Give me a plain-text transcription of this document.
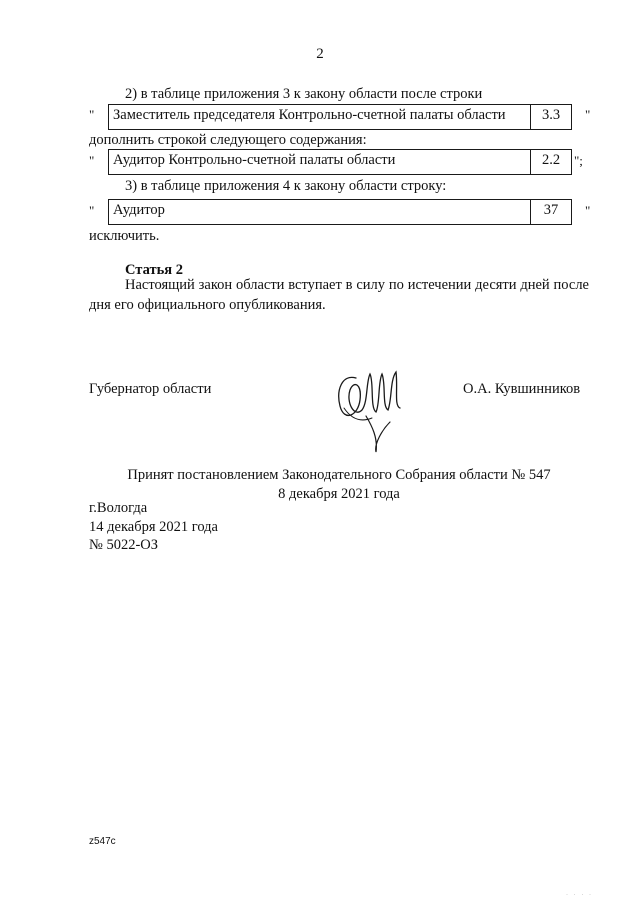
2
2) в таблице приложения 3 к закону области после строки
" Заместитель председателя Контрольно-счетной палаты области	3.3	"
дополнить строкой следующего содержания:
" Аудитор Контрольно-счетной палаты области	2.2	";
3) в таблице приложения 4 к закону области строку:
" Аудитор	37	"
исключить.
Статья 2
Настоящий закон области вступает в силу по истечении десяти дней после дня его официального опубликования.
Губернатор области	О.А. Кувшинников
Принят постановлением Законодательного Собрания области № 547
8 декабря 2021 года
г.Вологда
14 декабря 2021 года
№ 5022-ОЗ
z547c
· · · ·
